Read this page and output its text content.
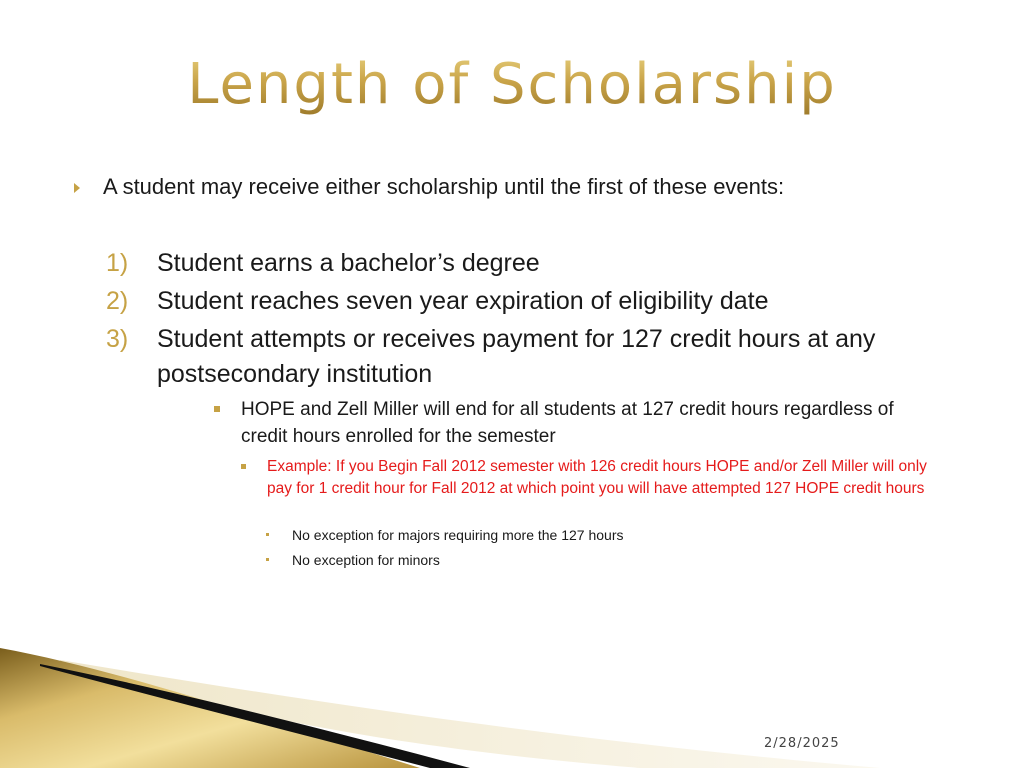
Length of Scholarship
A student may receive either scholarship until the first of these events:
1) Student earns a bachelor’s degree
2) Student reaches seven year expiration of eligibility date
3) Student attempts or receives payment for 127 credit hours at any postsecondary institution
HOPE and Zell Miller will end for all students at 127 credit hours regardless of credit hours enrolled for the semester
Example: If you Begin Fall 2012 semester with 126 credit hours HOPE and/or Zell Miller will only pay for 1 credit hour for Fall 2012 at which point you will have attempted 127 HOPE credit hours
No exception for majors requiring more the 127 hours
No exception for minors
2/28/2025
